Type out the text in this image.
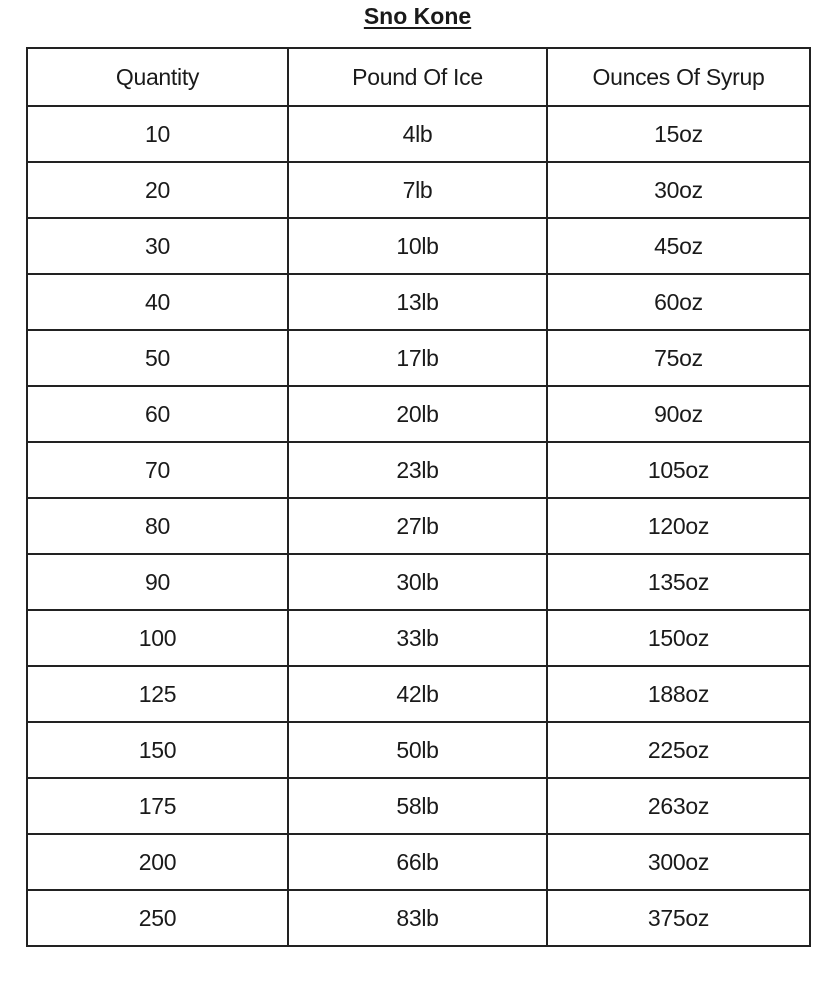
Sno Kone
Quantity	Pound Of Ice	Ounces Of Syrup
10	4lb	15oz
20	7lb	30oz
30	10lb	45oz
40	13lb	60oz
50	17lb	75oz
60	20lb	90oz
70	23lb	105oz
80	27lb	120oz
90	30lb	135oz
100	33lb	150oz
125	42lb	188oz
150	50lb	225oz
175	58lb	263oz
200	66lb	300oz
250	83lb	375oz
